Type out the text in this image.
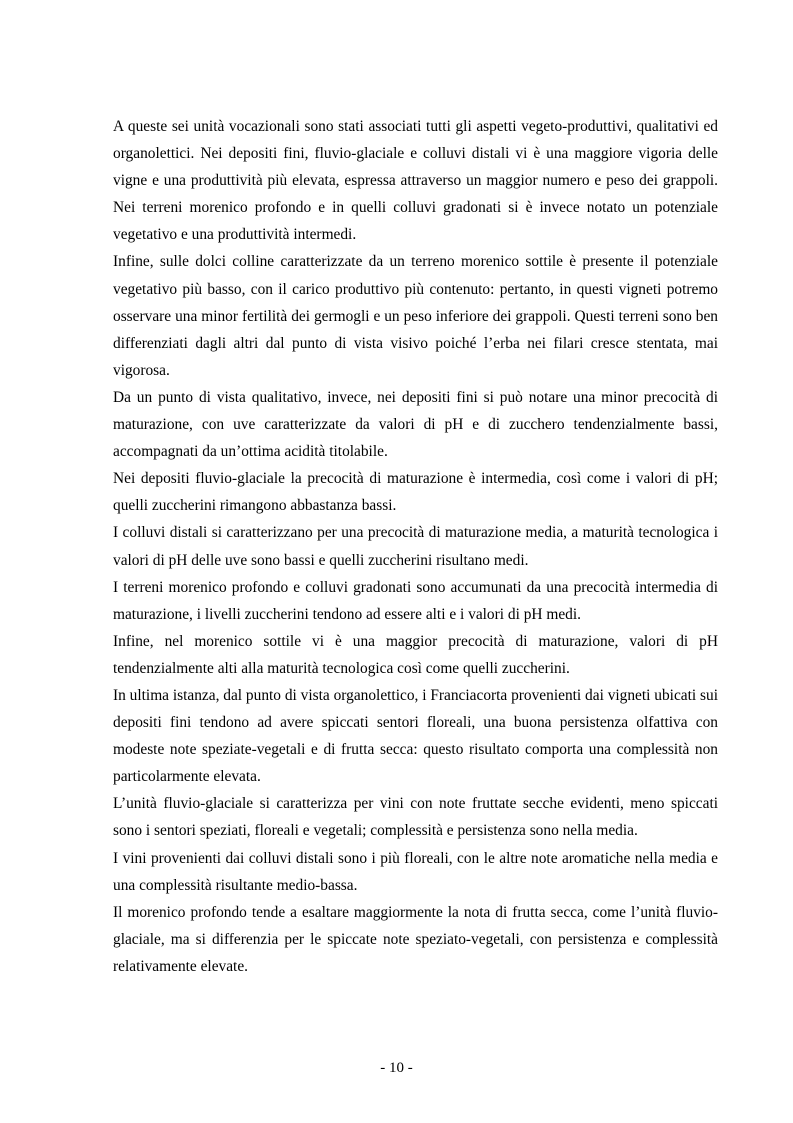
A queste sei unità vocazionali sono stati associati tutti gli aspetti vegeto-produttivi, qualitativi ed organolettici. Nei depositi fini, fluvio-glaciale e colluvi distali vi è una maggiore vigoria delle vigne e una produttività più elevata, espressa attraverso un maggior numero e peso dei grappoli. Nei terreni morenico profondo e in quelli colluvi gradonati si è invece notato un potenziale vegetativo e una produttività intermedi.

Infine, sulle dolci colline caratterizzate da un terreno morenico sottile è presente il potenziale vegetativo più basso, con il carico produttivo più contenuto: pertanto, in questi vigneti potremo osservare una minor fertilità dei germogli e un peso inferiore dei grappoli. Questi terreni sono ben differenziati dagli altri dal punto di vista visivo poiché l’erba nei filari cresce stentata, mai vigorosa.

Da un punto di vista qualitativo, invece, nei depositi fini si può notare una minor precocità di maturazione, con uve caratterizzate da valori di pH e di zucchero tendenzialmente bassi, accompagnati da un’ottima acidità titolabile.

Nei depositi fluvio-glaciale la precocità di maturazione è intermedia, così come i valori di pH; quelli zuccherini rimangono abbastanza bassi.

I colluvi distali si caratterizzano per una precocità di maturazione media, a maturità tecnologica i valori di pH delle uve sono bassi e quelli zuccherini risultano medi.

I terreni morenico profondo e colluvi gradonati sono accumunati da una precocità intermedia di maturazione, i livelli zuccherini tendono ad essere alti e i valori di pH medi.

Infine, nel morenico sottile vi è una maggior precocità di maturazione, valori di pH tendenzialmente alti alla maturità tecnologica così come quelli zuccherini.

In ultima istanza, dal punto di vista organolettico, i Franciacorta provenienti dai vigneti ubicati sui depositi fini tendono ad avere spiccati sentori floreali, una buona persistenza olfattiva con modeste note speziate-vegetali e di frutta secca: questo risultato comporta una complessità non particolarmente elevata.

L’unità fluvio-glaciale si caratterizza per vini con note fruttate secche evidenti, meno spiccati sono i sentori speziati, floreali e vegetali; complessità e persistenza sono nella media.

I vini provenienti dai colluvi distali sono i più floreali, con le altre note aromatiche nella media e una complessità risultante medio-bassa.

Il morenico profondo tende a esaltare maggiormente la nota di frutta secca, come l’unità fluvio-glaciale, ma si differenzia per le spiccate note speziato-vegetali, con persistenza e complessità relativamente elevate.

- 10 -
